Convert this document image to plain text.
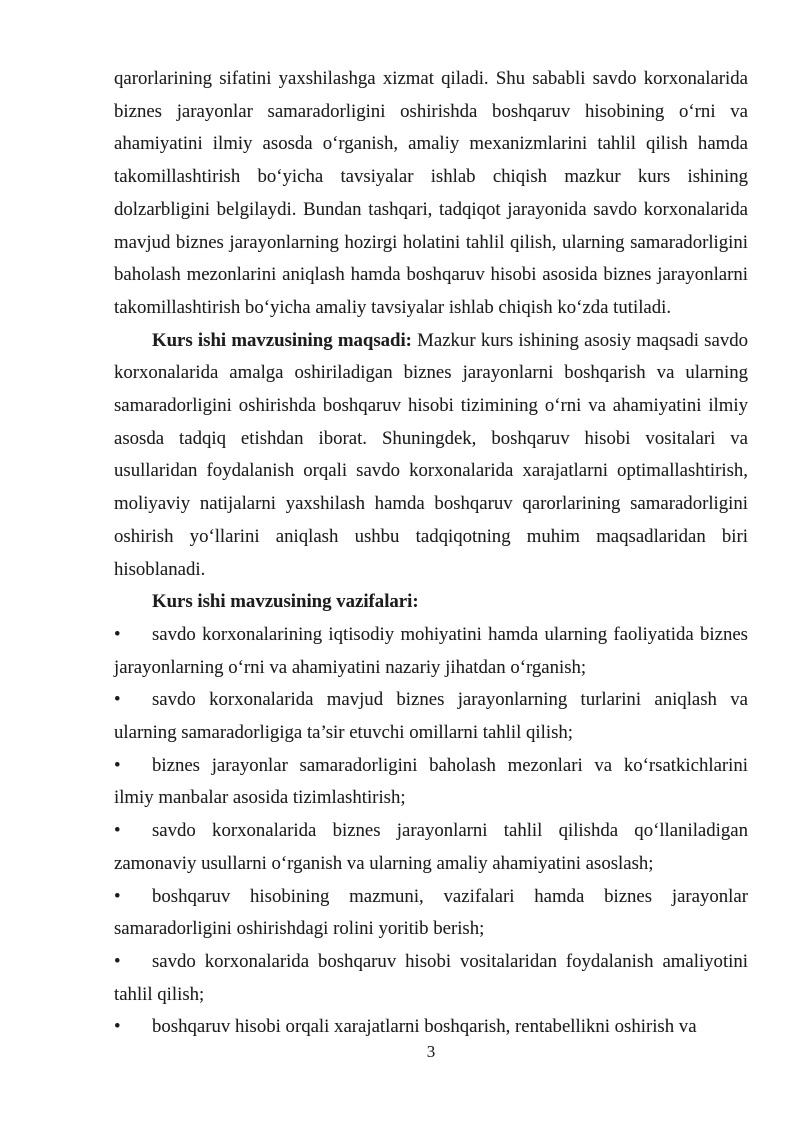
qarorlarining sifatini yaxshilashga xizmat qiladi. Shu sababli savdo korxonalarida biznes jarayonlar samaradorligini oshirishda boshqaruv hisobining o‘rni va ahamiyatini ilmiy asosda o‘rganish, amaliy mexanizmlarini tahlil qilish hamda takomillashtirish bo‘yicha tavsiyalar ishlab chiqish mazkur kurs ishining dolzarbligini belgilaydi. Bundan tashqari, tadqiqot jarayonida savdo korxonalarida mavjud biznes jarayonlarning hozirgi holatini tahlil qilish, ularning samaradorligini baholash mezonlarini aniqlash hamda boshqaruv hisobi asosida biznes jarayonlarni takomillashtirish bo‘yicha amaliy tavsiyalar ishlab chiqish ko‘zda tutiladi.

Kurs ishi mavzusining maqsadi: Mazkur kurs ishining asosiy maqsadi savdo korxonalarida amalga oshiriladigan biznes jarayonlarni boshqarish va ularning samaradorligini oshirishda boshqaruv hisobi tizimining o‘rni va ahamiyatini ilmiy asosda tadqiq etishdan iborat. Shuningdek, boshqaruv hisobi vositalari va usullaridan foydalanish orqali savdo korxonalarida xarajatlarni optimallashtirish, moliyaviy natijalarni yaxshilash hamda boshqaruv qarorlarining samaradorligini oshirish yo‘llarini aniqlash ushbu tadqiqotning muhim maqsadlaridan biri hisoblanadi.

Kurs ishi mavzusining vazifalari:

• savdo korxonalarining iqtisodiy mohiyatini hamda ularning faoliyatida biznes jarayonlarning o‘rni va ahamiyatini nazariy jihatdan o‘rganish;

• savdo korxonalarida mavjud biznes jarayonlarning turlarini aniqlash va ularning samaradorligiga ta’sir etuvchi omillarni tahlil qilish;

• biznes jarayonlar samaradorligini baholash mezonlari va ko‘rsatkichlarini ilmiy manbalar asosida tizimlashtirish;

• savdo korxonalarida biznes jarayonlarni tahlil qilishda qo‘llaniladigan zamonaviy usullarni o‘rganish va ularning amaliy ahamiyatini asoslash;

• boshqaruv hisobining mazmuni, vazifalari hamda biznes jarayonlar samaradorligini oshirishdagi rolini yoritib berish;

• savdo korxonalarida boshqaruv hisobi vositalaridan foydalanish amaliyotini tahlil qilish;

• boshqaruv hisobi orqali xarajatlarni boshqarish, rentabellikni oshirish va

3
